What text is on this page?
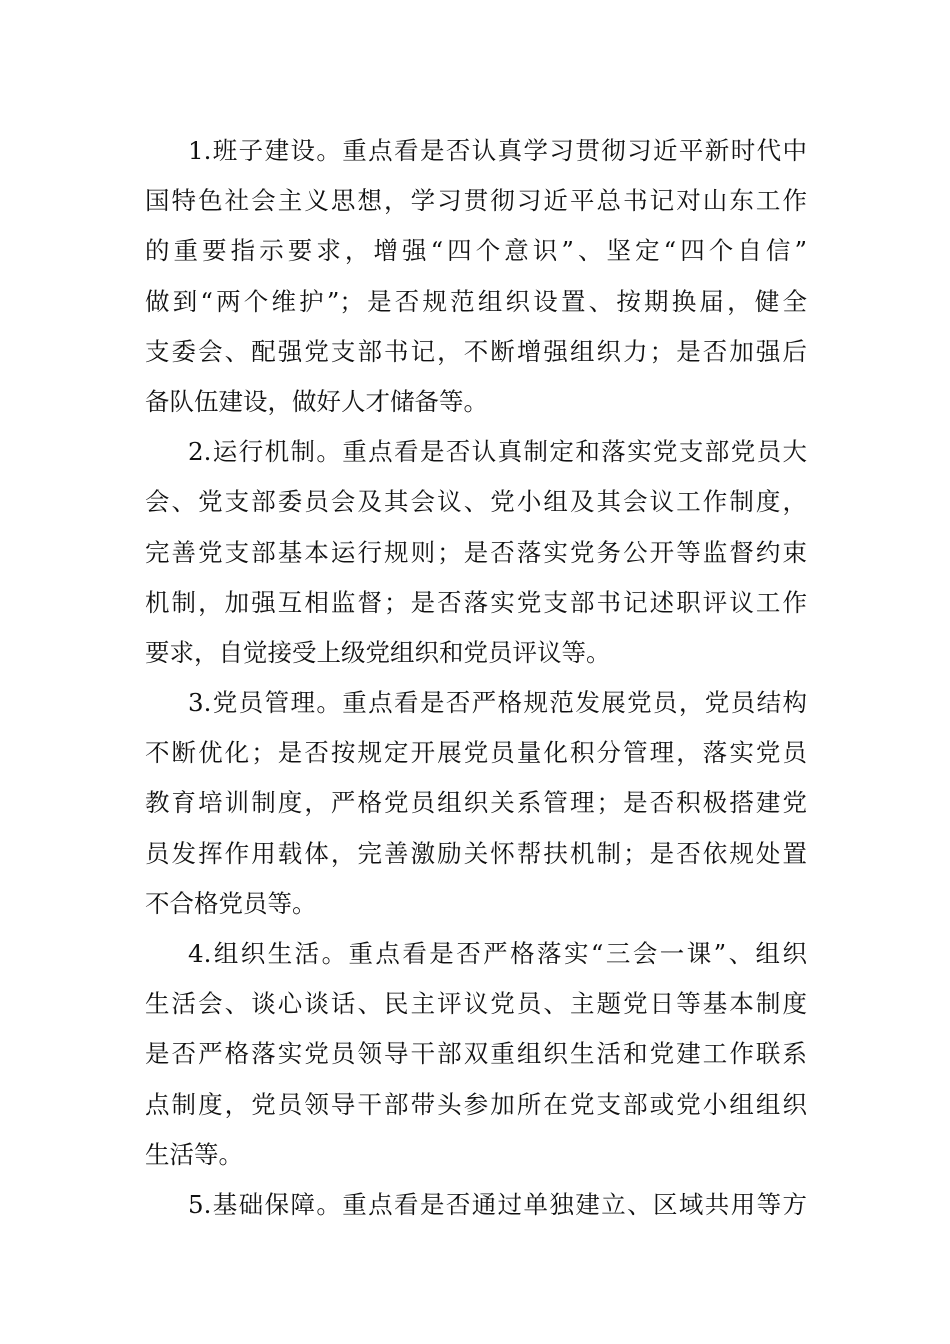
1.班子建设。重点看是否认真学习贯彻习近平新时代中
国特色社会主义思想，学习贯彻习近平总书记对山东工作
的重要指示要求，增强“四个意识”、坚定“四个自信”
做到“两个维护”；是否规范组织设置、按期换届，健全
支委会、配强党支部书记，不断增强组织力；是否加强后
备队伍建设，做好人才储备等。
2.运行机制。重点看是否认真制定和落实党支部党员大
会、党支部委员会及其会议、党小组及其会议工作制度，
完善党支部基本运行规则；是否落实党务公开等监督约束
机制，加强互相监督；是否落实党支部书记述职评议工作
要求，自觉接受上级党组织和党员评议等。
3.党员管理。重点看是否严格规范发展党员，党员结构
不断优化；是否按规定开展党员量化积分管理，落实党员
教育培训制度，严格党员组织关系管理；是否积极搭建党
员发挥作用载体，完善激励关怀帮扶机制；是否依规处置
不合格党员等。
4.组织生活。重点看是否严格落实“三会一课”、组织
生活会、谈心谈话、民主评议党员、主题党日等基本制度
是否严格落实党员领导干部双重组织生活和党建工作联系
点制度，党员领导干部带头参加所在党支部或党小组组织
生活等。
5.基础保障。重点看是否通过单独建立、区域共用等方
